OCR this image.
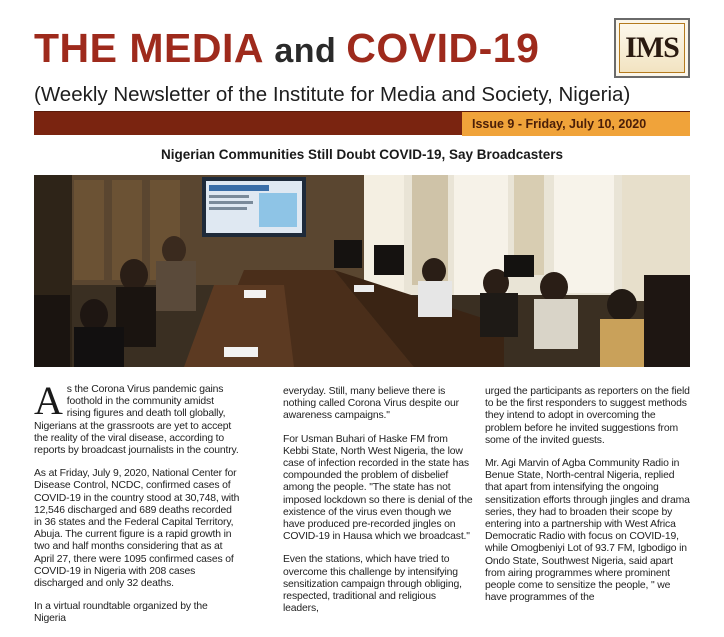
THE MEDIA and COVID-19	IMS
(Weekly Newsletter of the Institute for Media and Society, Nigeria)
Issue 9 - Friday, July 10, 2020
Nigerian Communities Still Doubt COVID-19, Say Broadcasters

As the Corona Virus pandemic gains foothold in the community amidst rising figures and death toll globally, Nigerians at the grassroots are yet to accept the reality of the viral disease, according to reports by broadcast journalists in the country.

As at Friday, July 9, 2020, National Center for Disease Control, NCDC, confirmed cases of COVID-19 in the country stood at 30,748, with 12,546 discharged and 689 deaths recorded in 36 states and the Federal Capital Territory, Abuja. The current figure is a rapid growth in two and half months considering that as at April 27, there were 1095 confirmed cases of COVID-19 in Nigeria with 208 cases discharged and only 32 deaths.

In a virtual roundtable organized by the Nigeria

everyday. Still, many believe there is nothing called Corona Virus despite our awareness campaigns."

For Usman Buhari of Haske FM from Kebbi State, North West Nigeria, the low case of infection recorded in the state has compounded the problem of disbelief among the people. "The state has not imposed lockdown so there is denial of the existence of the virus even though we have produced pre-recorded jingles on COVID-19 in Hausa which we broadcast."

Even the stations, which have tried to overcome this challenge by intensifying sensitization campaign through obliging, respected, traditional and religious leaders,

urged the participants as reporters on the field to be the first responders to suggest methods they intend to adopt in overcoming the problem before he invited suggestions from some of the invited guests.

Mr. Agi Marvin of Agba Community Radio in Benue State, North-central Nigeria, replied that apart from intensifying the ongoing sensitization efforts through jingles and drama series, they had to broaden their scope by entering into a partnership with West Africa Democratic Radio with focus on COVID-19, while Omogbeniyi Lot of 93.7 FM, Igbodigo in Ondo State, Southwest Nigeria, said apart from airing programmes where prominent people come to sensitize the people, " we have programmes of the
